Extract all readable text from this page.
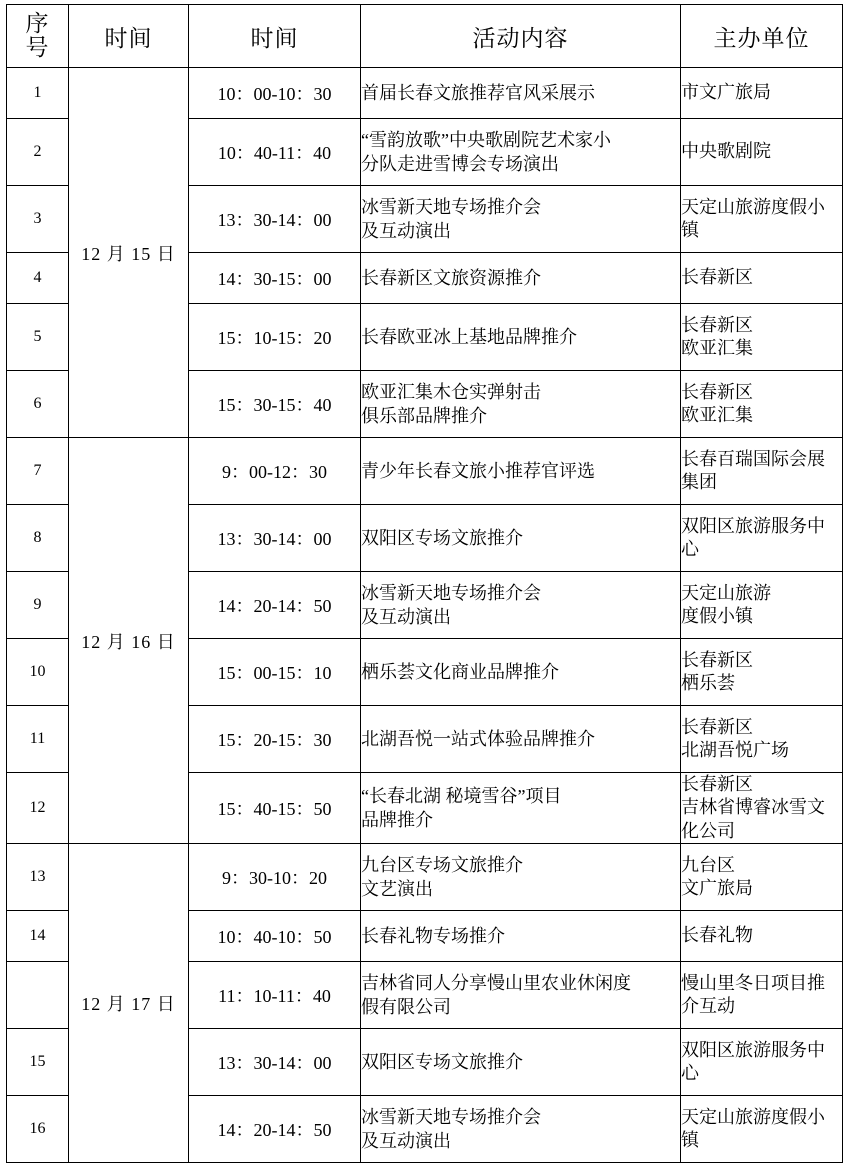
序
号	时间	时间	活动内容	主办单位
1	12 月 15 日	10：00-10：30	首届长春文旅推荐官风采展示	市文广旅局

2		10：40-11：40	“雪韵放歌”中央歌剧院艺术家小
分队走进雪博会专场演出	中央歌剧院

3		13：30-14：00	冰雪新天地专场推介会
及互动演出	天定山旅游度假小
镇

4		14：30-15：00	长春新区文旅资源推介	长春新区

5		15：10-15：20	长春欧亚冰上基地品牌推介	长春新区
欧亚汇集

6		15：30-15：40	欧亚汇集木仓实弹射击
俱乐部品牌推介	长春新区
欧亚汇集

7	12 月 16 日	9：00-12：30	青少年长春文旅小推荐官评选	长春百瑞国际会展
集团

8		13：30-14：00	双阳区专场文旅推介	双阳区旅游服务中
心

9		14：20-14：50	冰雪新天地专场推介会
及互动演出	天定山旅游
度假小镇

10		15：00-15：10	栖乐荟文化商业品牌推介	长春新区
栖乐荟

11		15：20-15：30	北湖吾悦一站式体验品牌推介	长春新区
北湖吾悦广场

12		15：40-15：50	“长春北湖 秘境雪谷”项目
品牌推介	长春新区
吉林省博睿冰雪文
化公司

13	12 月 17 日	9：30-10：20	九台区专场文旅推介
文艺演出	九台区
文广旅局

14		10：40-10：50	长春礼物专场推介	长春礼物

		11：10-11：40	吉林省同人分享慢山里农业休闲度
假有限公司	慢山里冬日项目推
介互动

15		13：30-14：00	双阳区专场文旅推介	双阳区旅游服务中
心

16		14：20-14：50	冰雪新天地专场推介会
及互动演出	天定山旅游度假小
镇
